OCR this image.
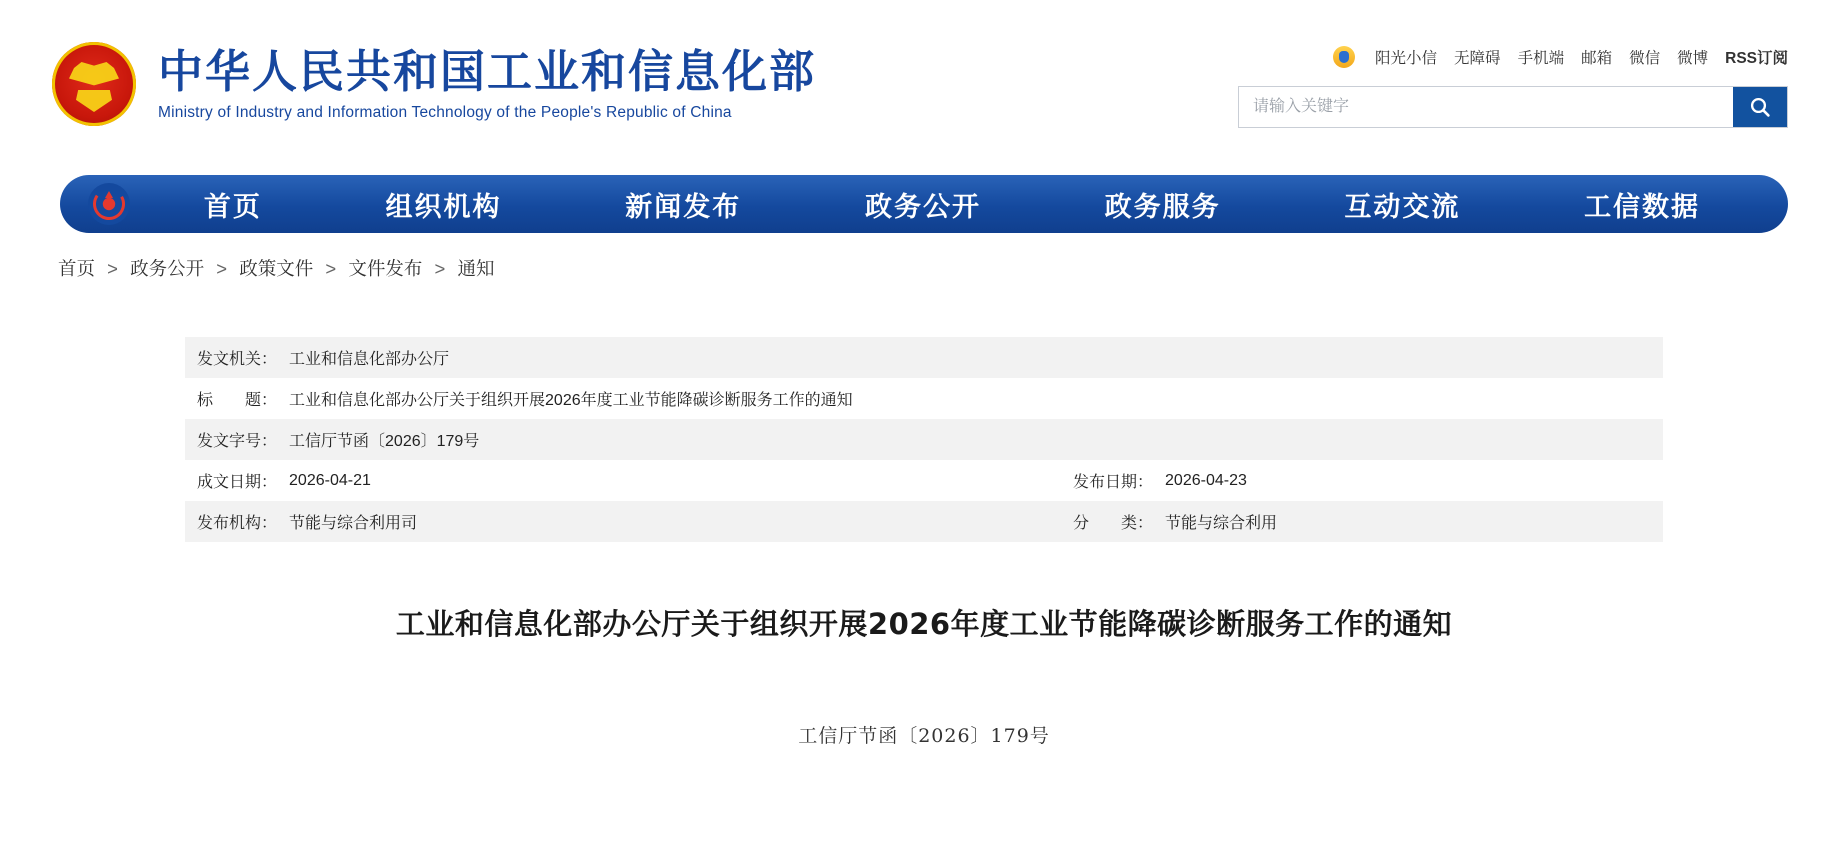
中华人民共和国工业和信息化部
Ministry of Industry and Information Technology of the People's Republic of China
阳光小信 无障碍 手机端 邮箱 微信 微博 RSS订阅
请输入关键字
首页	组织机构	新闻发布	政务公开	政务服务	互动交流	工信数据
首页 > 政务公开 > 政策文件 > 文件发布 > 通知
发文机关：	工业和信息化部办公厅		
标　　题：	工业和信息化部办公厅关于组织开展2026年度工业节能降碳诊断服务工作的通知		
发文字号：	工信厅节函〔2026〕179号		
成文日期：	2026-04-21	发布日期：	2026-04-23
发布机构：	节能与综合利用司	分　　类：	节能与综合利用
工业和信息化部办公厅关于组织开展2026年度工业节能降碳诊断服务工作的通知
工信厅节函〔2026〕179号
